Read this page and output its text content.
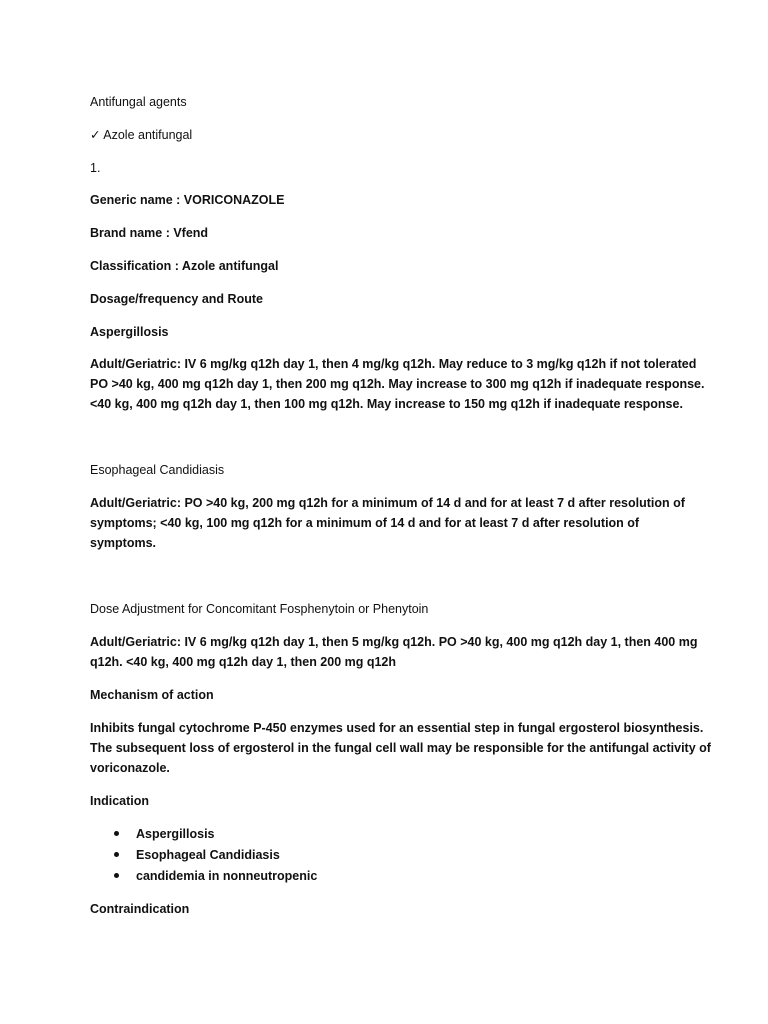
Antifungal agents
✓ Azole antifungal
1.
Generic name : VORICONAZOLE
Brand name : Vfend
Classification : Azole antifungal
Dosage/frequency and Route
Aspergillosis
Adult/Geriatric: IV 6 mg/kg q12h day 1, then 4 mg/kg q12h. May reduce to 3 mg/kg q12h if not tolerated
PO >40 kg, 400 mg q12h day 1, then 200 mg q12h. May increase to 300 mg q12h if inadequate response.
<40 kg, 400 mg q12h day 1, then 100 mg q12h. May increase to 150 mg q12h if inadequate response.
Esophageal Candidiasis
Adult/Geriatric: PO >40 kg, 200 mg q12h for a minimum of 14 d and for at least 7 d after resolution of
symptoms; <40 kg, 100 mg q12h for a minimum of 14 d and for at least 7 d after resolution of
symptoms.
Dose Adjustment for Concomitant Fosphenytoin or Phenytoin
Adult/Geriatric: IV 6 mg/kg q12h day 1, then 5 mg/kg q12h. PO >40 kg, 400 mg q12h day 1, then 400 mg
q12h. <40 kg, 400 mg q12h day 1, then 200 mg q12h
Mechanism of action
Inhibits fungal cytochrome P-450 enzymes used for an essential step in fungal ergosterol biosynthesis.
The subsequent loss of ergosterol in the fungal cell wall may be responsible for the antifungal activity of
voriconazole.
Indication
Aspergillosis
Esophageal Candidiasis
candidemia in nonneutropenic
Contraindication
